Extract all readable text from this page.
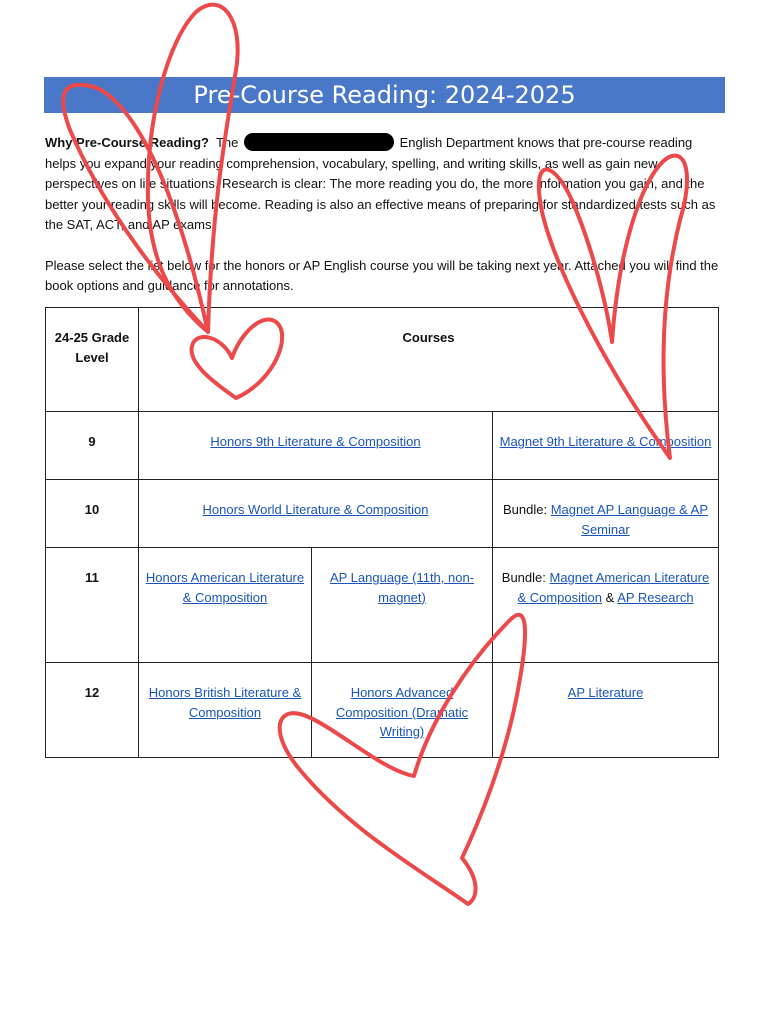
Pre-Course Reading: 2024-2025

Why Pre-Course Reading? The	English Department knows that pre-course reading helps you expand your reading comprehension, vocabulary, spelling, and writing skills, as well as gain new perspectives on life situations. Research is clear: The more reading you do, the more information you gain, and the better your reading skills will become. Reading is also an effective means of preparing for standardized tests such as the SAT, ACT, and AP exams.

Please select the list below for the honors or AP English course you will be taking next year. Attached you will find the book options and guidance for annotations.

24-25 Grade Level	Courses		
9	Honors 9th Literature & Composition		Magnet 9th Literature & Composition
10	Honors World Literature & Composition		Bundle: Magnet AP Language & AP Seminar
11	Honors American Literature & Composition	AP Language (11th, non-magnet)	Bundle: Magnet American Literature & Composition & AP Research
12	Honors British Literature & Composition	Honors Advanced Composition (Dramatic Writing)	AP Literature
